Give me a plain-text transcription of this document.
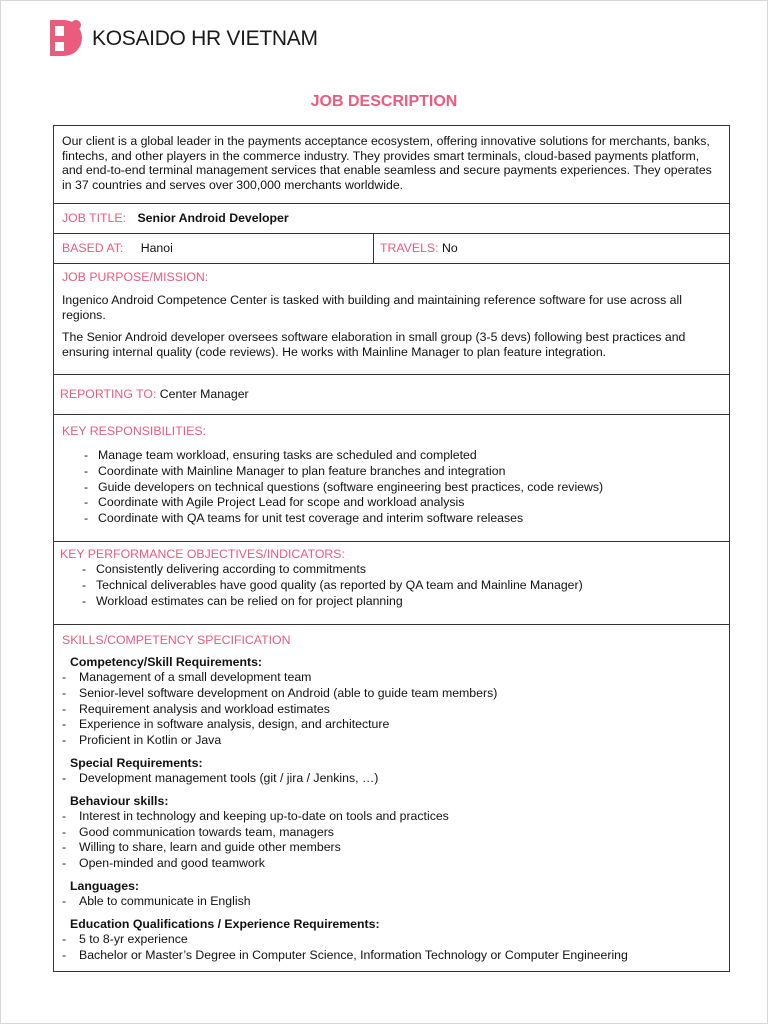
KOSAIDO HR VIETNAM
JOB DESCRIPTION

Our client is a global leader in the payments acceptance ecosystem, offering innovative solutions for merchants, banks, fintechs, and other players in the commerce industry. They provides smart terminals, cloud-based payments platform, and end-to-end terminal management services that enable seamless and secure payments experiences. They operates in 37 countries and serves over 300,000 merchants worldwide.

JOB TITLE: Senior Android Developer
BASED AT: Hanoi	TRAVELS: No
JOB PURPOSE/MISSION:

Ingenico Android Competence Center is tasked with building and maintaining reference software for use across all regions.

The Senior Android developer oversees software elaboration in small group (3-5 devs) following best practices and ensuring internal quality (code reviews). He works with Mainline Manager to plan feature integration.

REPORTING TO: Center Manager
KEY RESPONSIBILITIES:
- Manage team workload, ensuring tasks are scheduled and completed
- Coordinate with Mainline Manager to plan feature branches and integration
- Guide developers on technical questions (software engineering best practices, code reviews)
- Coordinate with Agile Project Lead for scope and workload analysis
- Coordinate with QA teams for unit test coverage and interim software releases
KEY PERFORMANCE OBJECTIVES/INDICATORS:
- Consistently delivering according to commitments
- Technical deliverables have good quality (as reported by QA team and Mainline Manager)
- Workload estimates can be relied on for project planning
SKILLS/COMPETENCY SPECIFICATION
Competency/Skill Requirements:
- Management of a small development team
- Senior-level software development on Android (able to guide team members)
- Requirement analysis and workload estimates
- Experience in software analysis, design, and architecture
- Proficient in Kotlin or Java
Special Requirements:
- Development management tools (git / jira / Jenkins, …)
Behaviour skills:
- Interest in technology and keeping up-to-date on tools and practices
- Good communication towards team, managers
- Willing to share, learn and guide other members
- Open-minded and good teamwork
Languages:
- Able to communicate in English
Education Qualifications / Experience Requirements:
- 5 to 8-yr experience
- Bachelor or Master’s Degree in Computer Science, Information Technology or Computer Engineering
